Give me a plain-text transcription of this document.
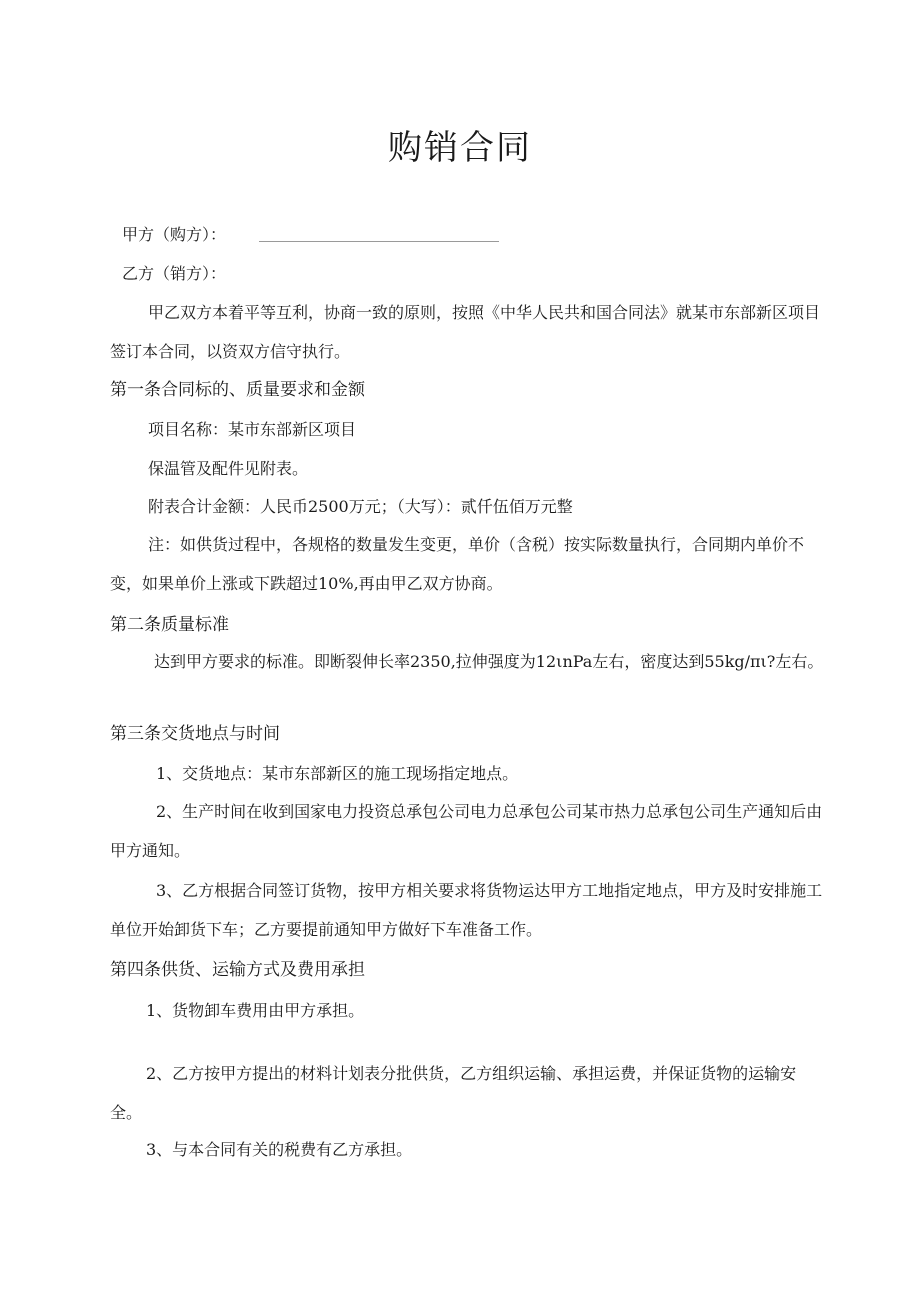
购销合同
甲方（购方）：
乙方（销方）：
甲乙双方本着平等互利，协商一致的原则，按照《中华人民共和国合同法》就某市东部新区项目签订本合同，以资双方信守执行。
第一条合同标的、质量要求和金额
项目名称：某市东部新区项目
保温管及配件见附表。
附表合计金额：人民币2500万元；（大写）：贰仟伍佰万元整
注：如供货过程中，各规格的数量发生变更，单价（含税）按实际数量执行，合同期内单价不变，如果单价上涨或下跌超过10%,再由甲乙双方协商。
第二条质量标准
达到甲方要求的标准。即断裂伸长率2350,拉伸强度为12ιnPa左右，密度达到55kg∕πι?左右。
第三条交货地点与时间
1、交货地点：某市东部新区的施工现场指定地点。
2、生产时间在收到国家电力投资总承包公司电力总承包公司某市热力总承包公司生产通知后由甲方通知。
3、乙方根据合同签订货物，按甲方相关要求将货物运达甲方工地指定地点，甲方及时安排施工单位开始卸货下车；乙方要提前通知甲方做好下车准备工作。
第四条供货、运输方式及费用承担
1、货物卸车费用由甲方承担。
2、乙方按甲方提出的材料计划表分批供货，乙方组织运输、承担运费，并保证货物的运输安全。
3、与本合同有关的税费有乙方承担。
